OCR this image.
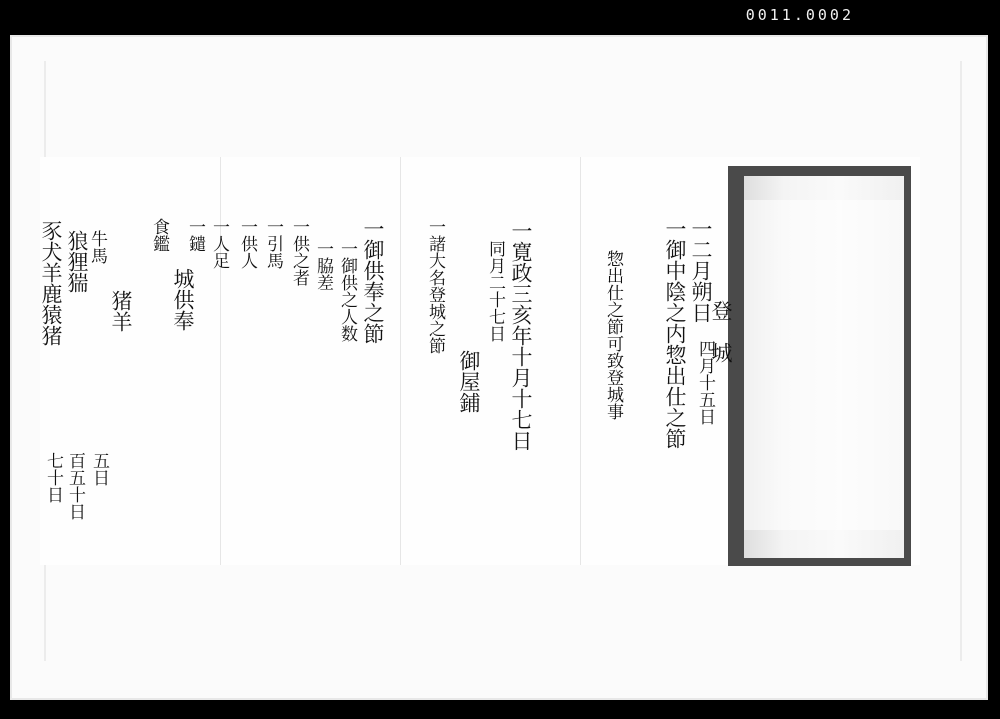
0011.0002
一二月朔日
登　城
四月十五日
一御中陰之内惣出仕之節
惣出仕之節可致登城事
一寛政三亥年十月十七日
同月二十七日
御屋鋪
一諸大名登城之節
一御供奉之節
一御供之人数
一脇差
一供之者
一引馬
一供人
一人足
一鑓
城供奉
食鑑
猪羊
牛馬
狼狸猯
豕犬羊鹿猿猪
五日
百五十日
七十日
